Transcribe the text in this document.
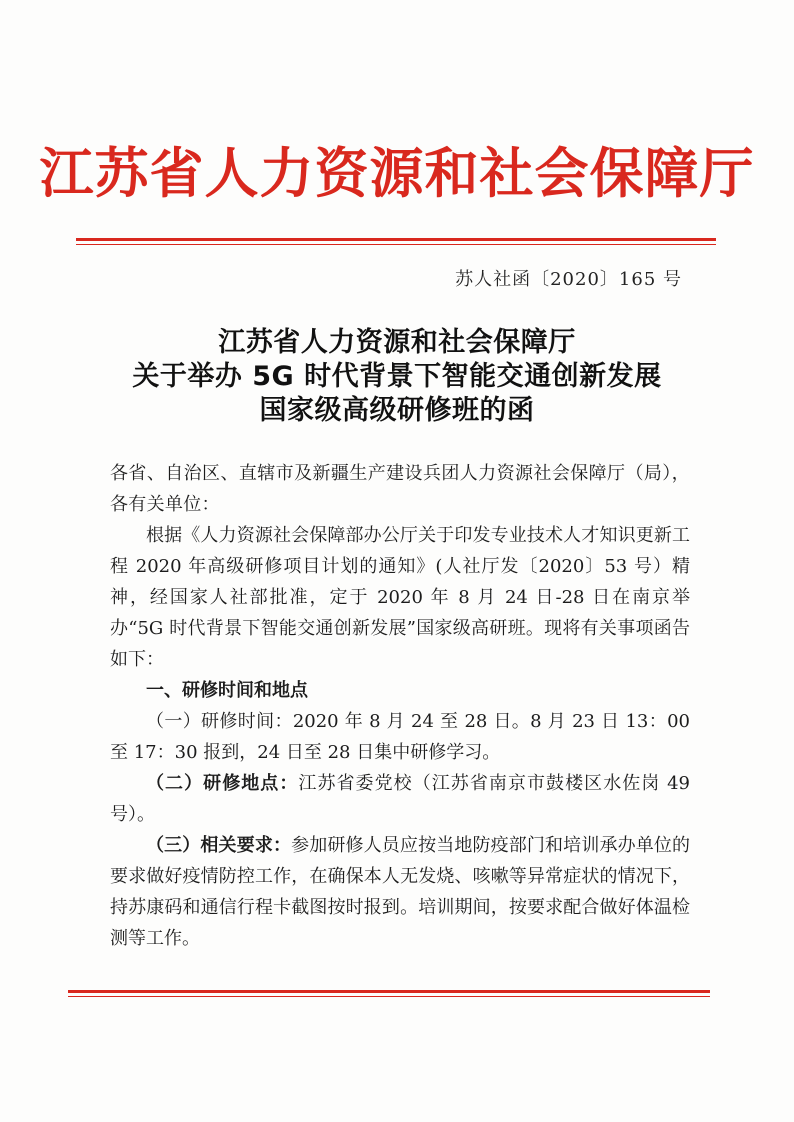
江苏省人力资源和社会保障厅
苏人社函〔2020〕165 号
江苏省人力资源和社会保障厅
关于举办 5G 时代背景下智能交通创新发展
国家级高级研修班的函

各省、自治区、直辖市及新疆生产建设兵团人力资源社会保障厅（局），各有关单位：

根据《人力资源社会保障部办公厅关于印发专业技术人才知识更新工程 2020 年高级研修项目计划的通知》(人社厅发〔2020〕53 号）精神，经国家人社部批准，定于 2020 年 8 月 24 日-28 日在南京举办“5G 时代背景下智能交通创新发展”国家级高研班。现将有关事项函告如下：

一、研修时间和地点

（一）研修时间：2020 年 8 月 24 至 28 日。8 月 23 日 13：00 至 17：30 报到，24 日至 28 日集中研修学习。

（二）研修地点：江苏省委党校（江苏省南京市鼓楼区水佐岗 49 号）。

（三）相关要求：参加研修人员应按当地防疫部门和培训承办单位的要求做好疫情防控工作，在确保本人无发烧、咳嗽等异常症状的情况下，持苏康码和通信行程卡截图按时报到。培训期间，按要求配合做好体温检测等工作。
